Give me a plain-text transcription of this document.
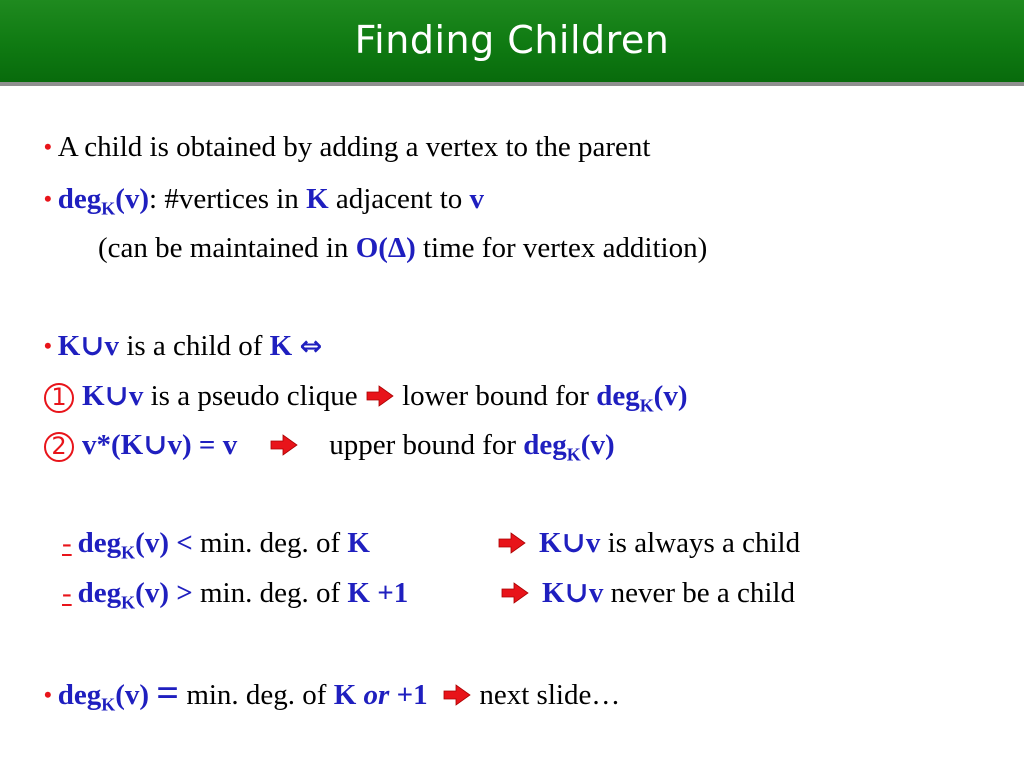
Finding Children
• A child is obtained by adding a vertex to the parent
• deg$_K$(v): #vertices in K adjacent to v
(can be maintained in O(Δ) time for vertex addition)
• K∪v is a child of K ⇔
1 K∪v is a pseudo clique  lower bound for deg$_K$(v)
2 v*(K∪v) = v	upper bound for deg$_K$(v)
- deg$_K$(v) < min. deg. of K	K∪v is always a child
- deg$_K$(v) > min. deg. of K +1	K∪v never be a child
• deg$_K$(v) = min. deg. of K or +1   next slide…
